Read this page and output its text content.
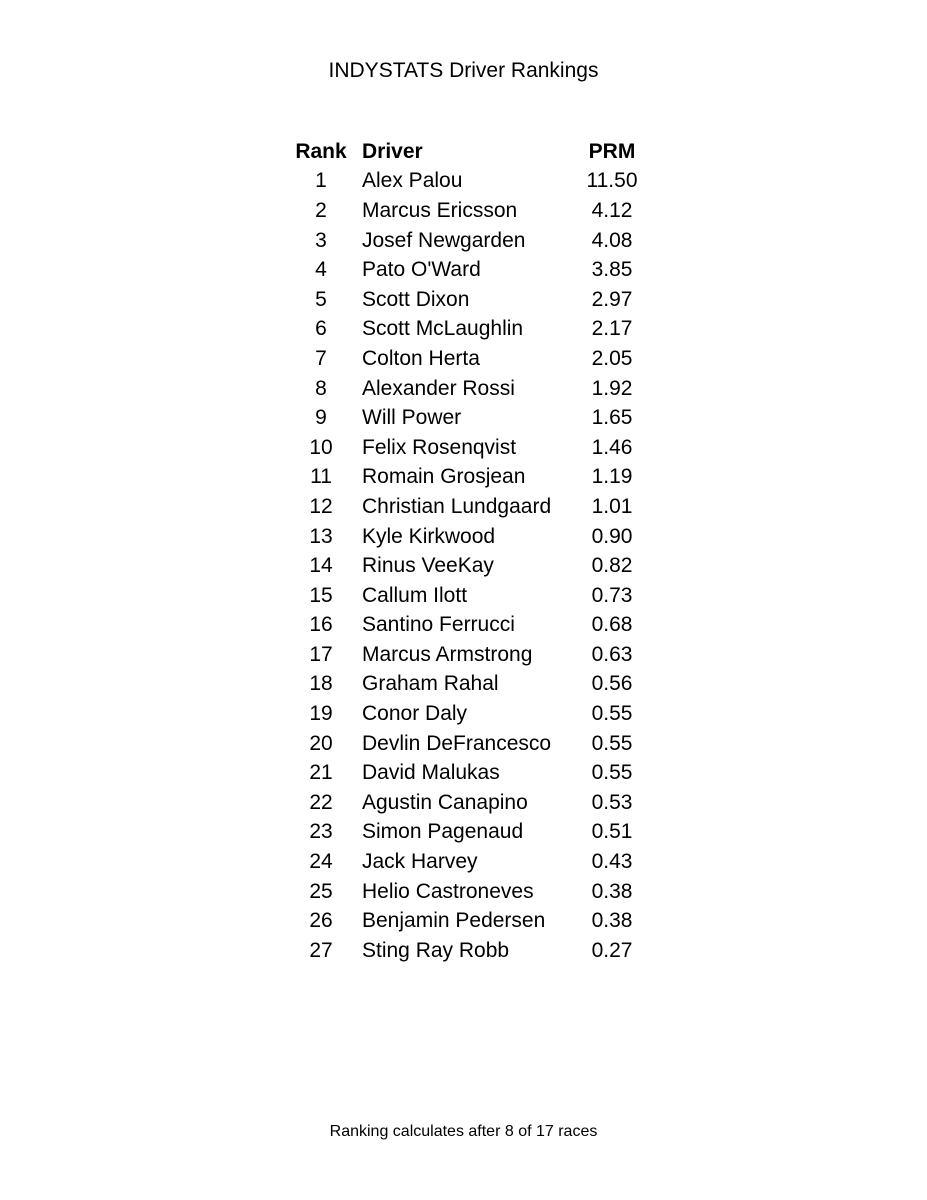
INDYSTATS Driver Rankings
Rank	Driver	PRM
1	Alex Palou	11.50
2	Marcus Ericsson	4.12
3	Josef Newgarden	4.08
4	Pato O'Ward	3.85
5	Scott Dixon	2.97
6	Scott McLaughlin	2.17
7	Colton Herta	2.05
8	Alexander Rossi	1.92
9	Will Power	1.65
10	Felix Rosenqvist	1.46
11	Romain Grosjean	1.19
12	Christian Lundgaard	1.01
13	Kyle Kirkwood	0.90
14	Rinus VeeKay	0.82
15	Callum Ilott	0.73
16	Santino Ferrucci	0.68
17	Marcus Armstrong	0.63
18	Graham Rahal	0.56
19	Conor Daly	0.55
20	Devlin DeFrancesco	0.55
21	David Malukas	0.55
22	Agustin Canapino	0.53
23	Simon Pagenaud	0.51
24	Jack Harvey	0.43
25	Helio Castroneves	0.38
26	Benjamin Pedersen	0.38
27	Sting Ray Robb	0.27
Ranking calculates after 8 of 17 races
